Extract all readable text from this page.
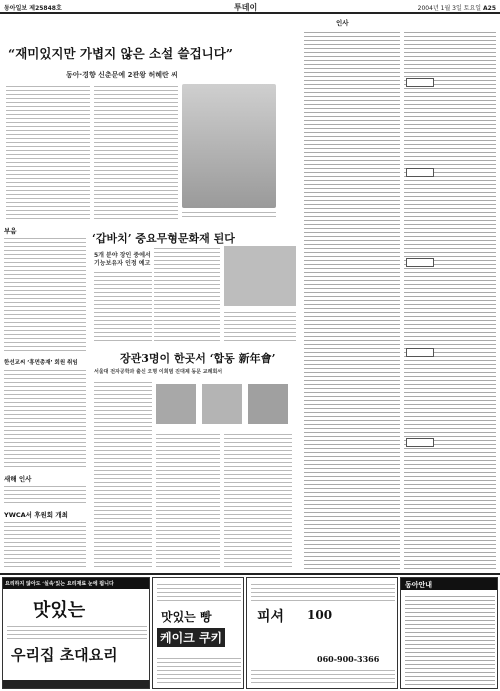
동아일보 제25848호	투데이	2004년 1월 3일 토요일 A25
“재미있지만 가볍지 않은 소설 쓸겁니다”
동아·경향 신춘문예 2관왕 허혜란 씨
부음
한선교씨 ‘휴먼총재’ 회원 취임
새해 인사
YWCA서 후원회 개최
‘갑바치’ 중요무형문화재 된다
5개 분야 장인 중에서
기능보유자 인정 예고
장관3명이 한곳서 ‘합동 新年會’
서울대 전자공학과 출신 오명 이희범 진대제 동문 교례회서
인사
요리하지 않아도 ‘실속’있는 요리재료 눈에 띕니다
맛있는
우리집 초대요리
맛있는 빵
케이크 쿠키
피셔 100
060-900-3366
동아안내
